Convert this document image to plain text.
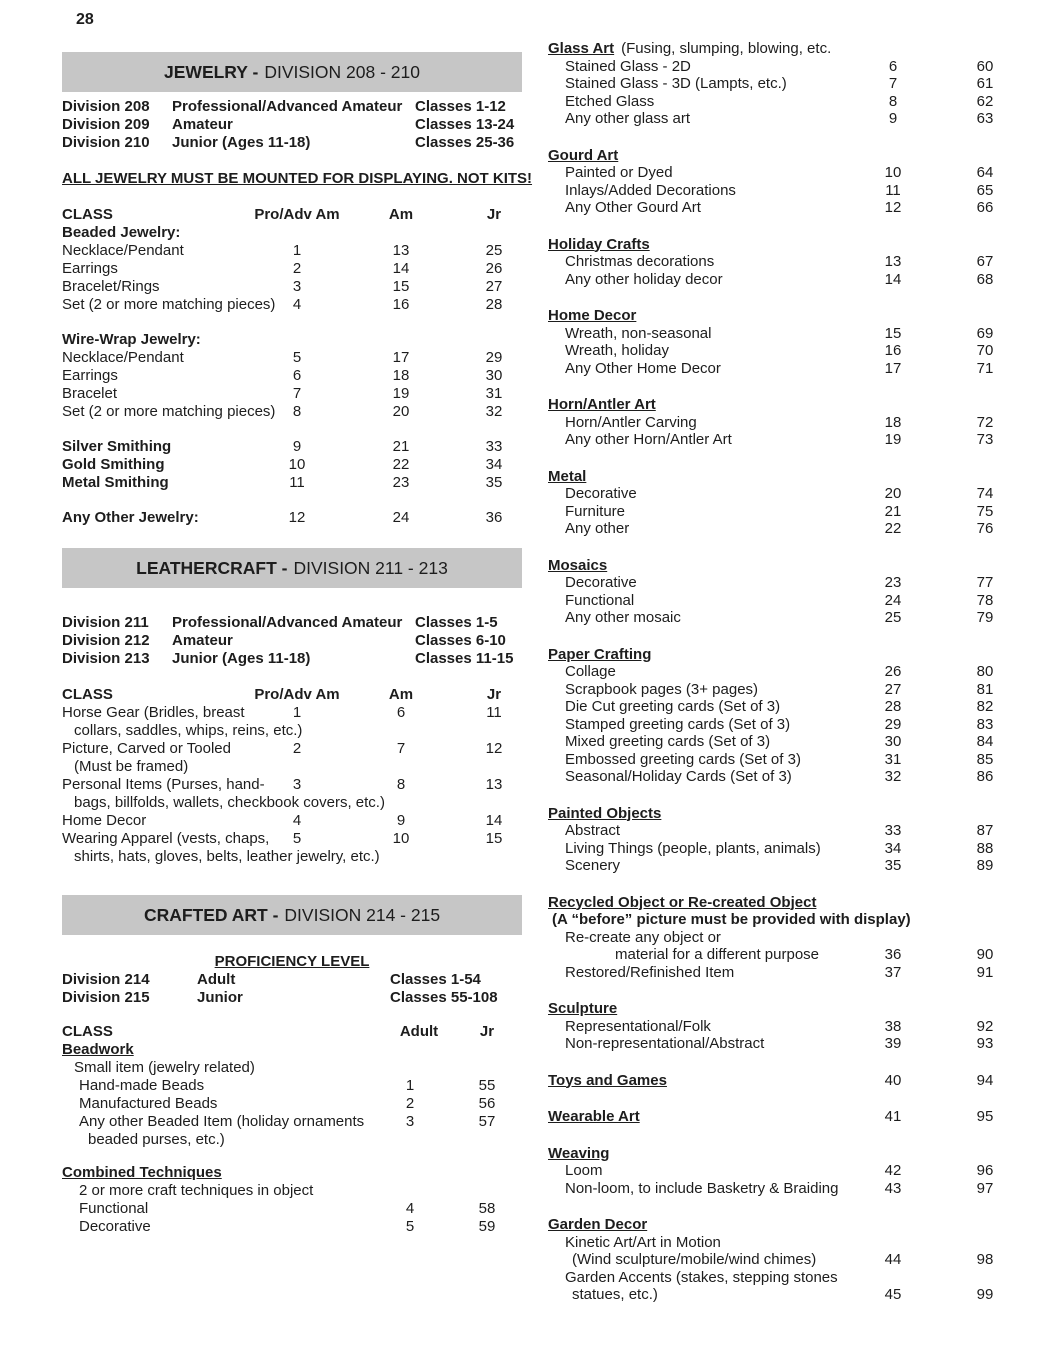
28
JEWELRY - DIVISION 208 - 210
Division 208 Professional/Advanced Amateur Classes 1-12
Division 209 Amateur	Classes 13-24
Division 210 Junior (Ages 11-18)	Classes 25-36
ALL JEWELRY MUST BE MOUNTED FOR DISPLAYING. NOT KITS!
CLASS	Pro/Adv Am	Am	Jr
Beaded Jewelry:
Necklace/Pendant	1	13	25
Earrings	2	14	26
Bracelet/Rings	3	15	27
Set (2 or more matching pieces)	4	16	28
Wire-Wrap Jewelry:
Necklace/Pendant	5	17	29
Earrings	6	18	30
Bracelet	7	19	31
Set (2 or more matching pieces)	8	20	32
Silver Smithing	9	21	33
Gold Smithing	10	22	34
Metal Smithing	11	23	35
Any Other Jewelry:	12	24	36
LEATHERCRAFT - DIVISION 211 - 213
Division 211 Professional/Advanced Amateur Classes 1-5
Division 212 Amateur	Classes 6-10
Division 213 Junior (Ages 11-18)	Classes 11-15
CLASS	Pro/Adv Am	Am	Jr
Horse Gear (Bridles, breast	1	6	11
collars, saddles, whips, reins, etc.)
Picture, Carved or Tooled	2	7	12
(Must be framed)
Personal Items (Purses, hand-	3	8	13
bags, billfolds, wallets, checkbook covers, etc.)
Home Decor	4	9	14
Wearing Apparel (vests, chaps,	5	10	15
shirts, hats, gloves, belts, leather jewelry, etc.)
CRAFTED ART - DIVISION 214 - 215
PROFICIENCY LEVEL
Division 214	Adult	Classes 1-54
Division 215	Junior	Classes 55-108
CLASS	Adult	Jr
Beadwork
Small item (jewelry related)
Hand-made Beads	1	55
Manufactured Beads	2	56
Any other Beaded Item (holiday ornaments	3	57
beaded purses, etc.)
Combined Techniques
2 or more craft techniques in object
Functional	4	58
Decorative	5	59
Glass Art (Fusing, slumping, blowing, etc.
Stained Glass - 2D	6	60
Stained Glass - 3D (Lampts, etc.)	7	61
Etched Glass	8	62
Any other glass art	9	63
Gourd Art
Painted or Dyed	10	64
Inlays/Added Decorations	11	65
Any Other Gourd Art	12	66
Holiday Crafts
Christmas decorations	13	67
Any other holiday decor	14	68
Home Decor
Wreath, non-seasonal	15	69
Wreath, holiday	16	70
Any Other Home Decor	17	71
Horn/Antler Art
Horn/Antler Carving	18	72
Any other Horn/Antler Art	19	73
Metal
Decorative	20	74
Furniture	21	75
Any other	22	76
Mosaics
Decorative	23	77
Functional	24	78
Any other mosaic	25	79
Paper Crafting
Collage	26	80
Scrapbook pages (3+ pages)	27	81
Die Cut greeting cards (Set of 3)	28	82
Stamped greeting cards (Set of 3)	29	83
Mixed greeting cards (Set of 3)	30	84
Embossed greeting cards (Set of 3)	31	85
Seasonal/Holiday Cards (Set of 3)	32	86
Painted Objects
Abstract	33	87
Living Things (people, plants, animals)	34	88
Scenery	35	89
Recycled Object or Re-created Object
(A “before” picture must be provided with display)
Re-create any object or
material for a different purpose	36	90
Restored/Refinished Item	37	91
Sculpture
Representational/Folk	38	92
Non-representational/Abstract	39	93
Toys and Games	40	94
Wearable Art	41	95
Weaving
Loom	42	96
Non-loom, to include Basketry & Braiding	43	97
Garden Decor
Kinetic Art/Art in Motion
(Wind sculpture/mobile/wind chimes)	44	98
Garden Accents (stakes, stepping stones
statues, etc.)	45	99
